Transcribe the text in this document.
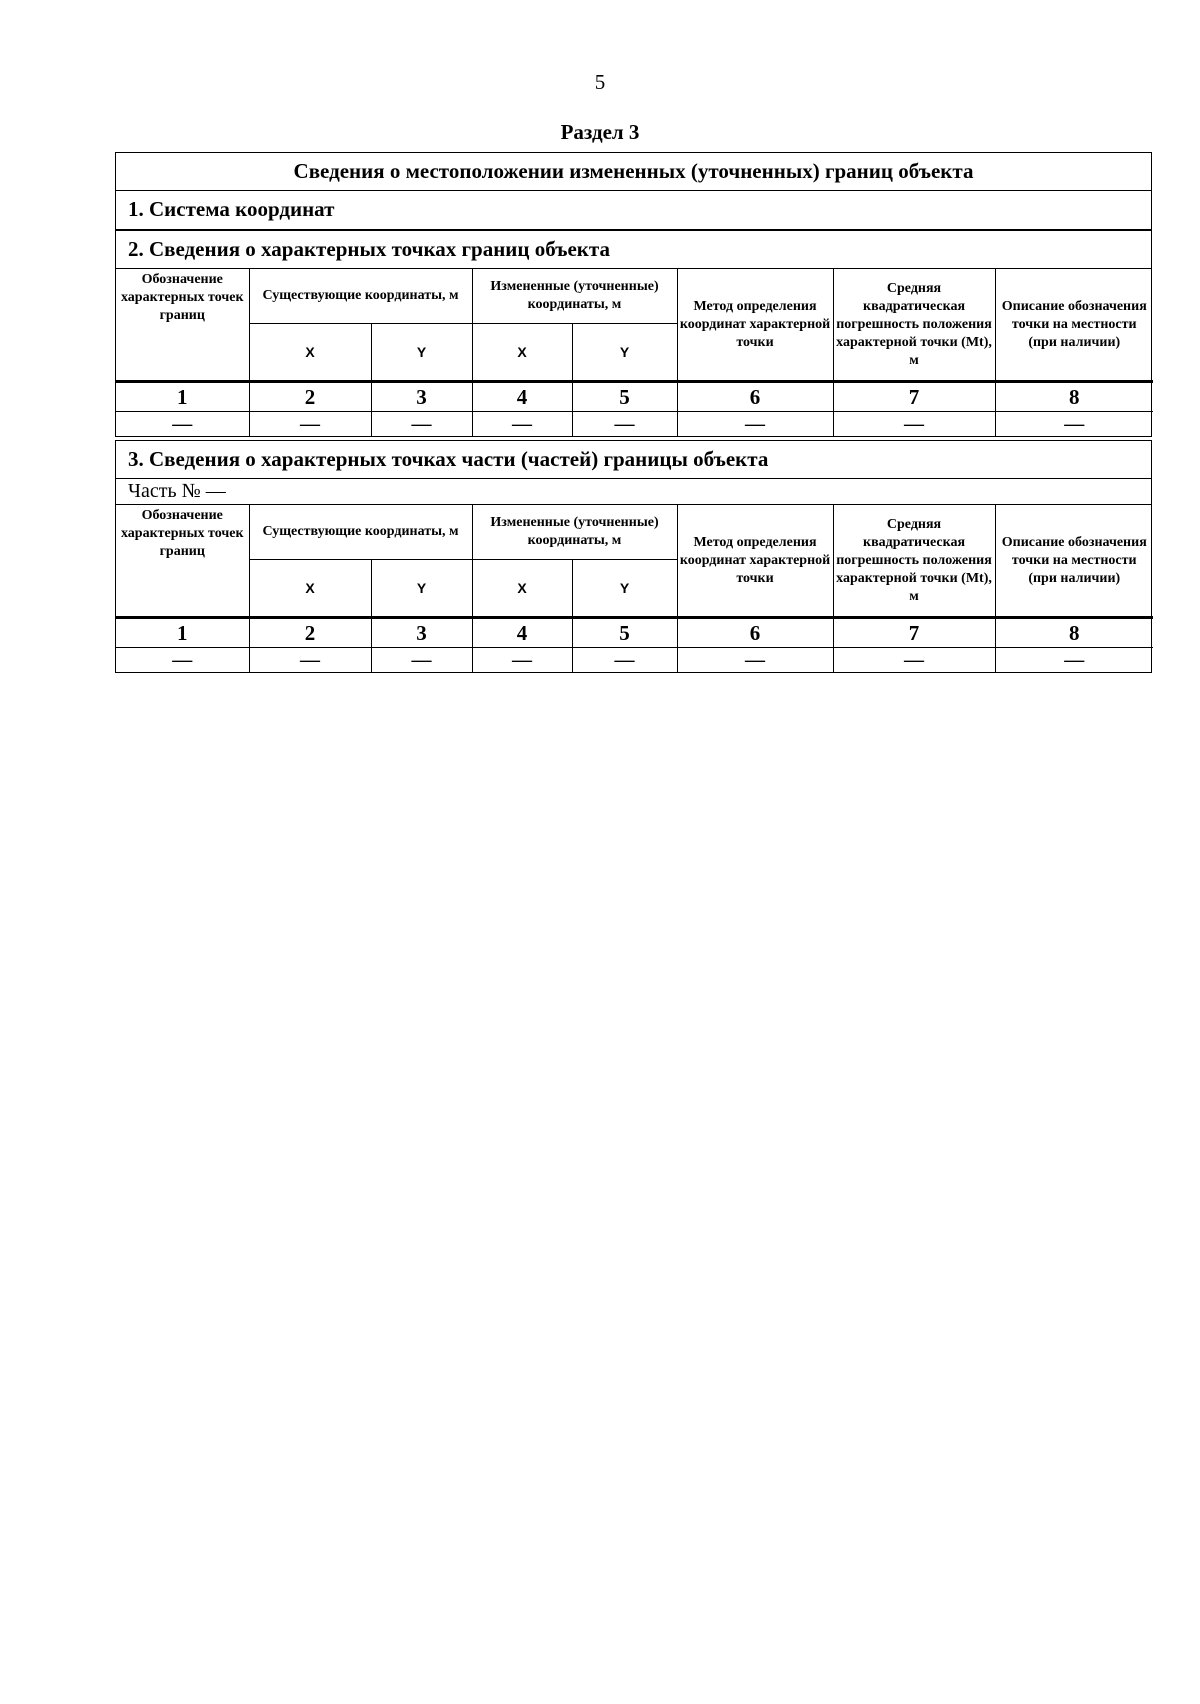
5
Раздел 3
Сведения о местоположении измененных (уточненных) границ объекта
1. Система координат
2. Сведения о характерных точках границ объекта
Обозначение характерных точек границ	Существующие координаты, м		Измененные (уточненные) координаты, м		Метод определения координат характерной точки	Средняя квадратическая погрешность положения характерной точки (Mt), м	Описание обозначения точки на местности (при наличии)
	X	Y	X	Y			
1	2	3	4	5	6	7	8
—	—	—	—	—	—	—	—
3. Сведения о характерных точках части (частей) границы объекта
Часть № —
Обозначение характерных точек границ	Существующие координаты, м		Измененные (уточненные) координаты, м		Метод определения координат характерной точки	Средняя квадратическая погрешность положения характерной точки (Mt), м	Описание обозначения точки на местности (при наличии)
	X	Y	X	Y			
1	2	3	4	5	6	7	8
—	—	—	—	—	—	—	—
